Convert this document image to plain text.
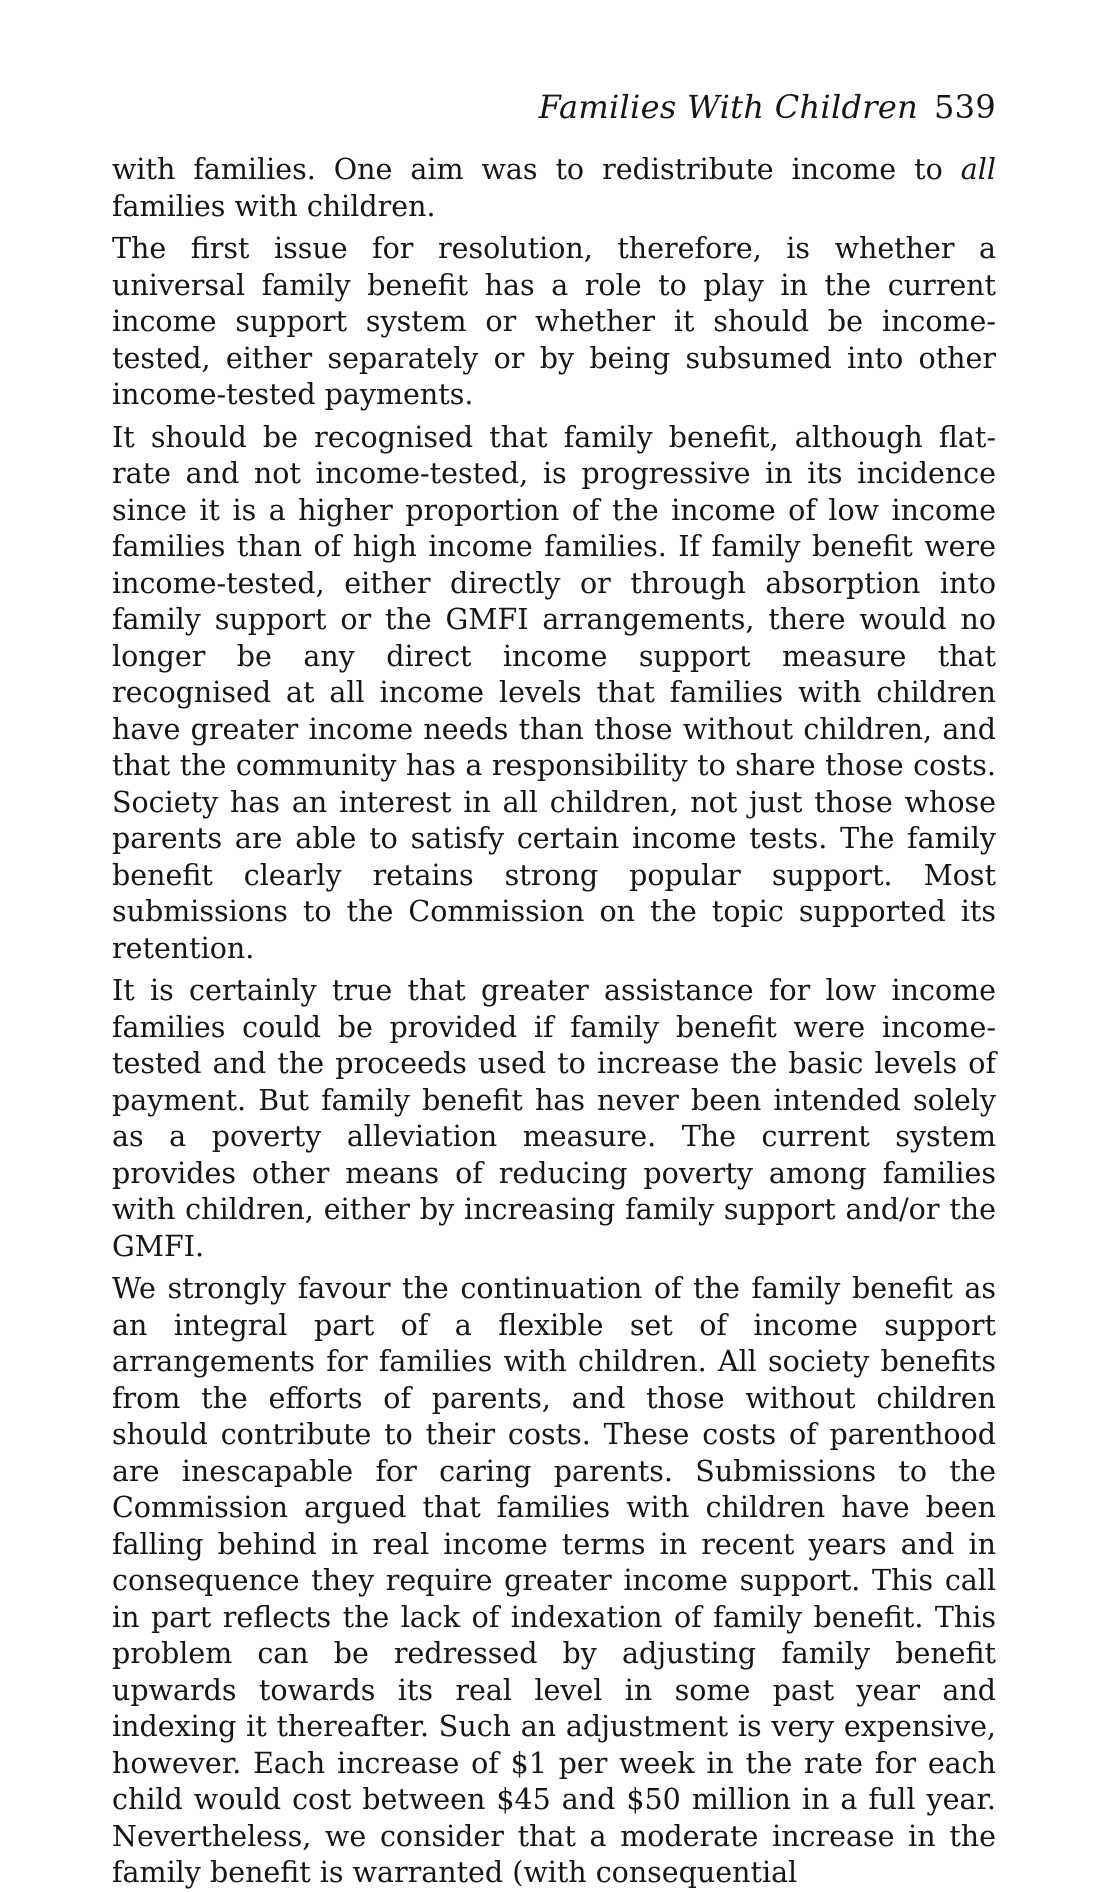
Families With Children 539

with families. One aim was to redistribute income to all families with children.

The first issue for resolution, therefore, is whether a universal family benefit has a role to play in the current income support system or whether it should be income-tested, either separately or by being subsumed into other income-tested payments.

It should be recognised that family benefit, although flat-rate and not income-tested, is progressive in its incidence since it is a higher proportion of the income of low income families than of high income families. If family benefit were income-tested, either directly or through absorption into family support or the GMFI arrangements, there would no longer be any direct income support measure that recognised at all income levels that families with children have greater income needs than those without children, and that the community has a responsibility to share those costs. Society has an interest in all children, not just those whose parents are able to satisfy certain income tests. The family benefit clearly retains strong popular support. Most submissions to the Commission on the topic supported its retention.

It is certainly true that greater assistance for low income families could be provided if family benefit were income-tested and the proceeds used to increase the basic levels of payment. But family benefit has never been intended solely as a poverty alleviation measure. The current system provides other means of reducing poverty among families with children, either by increasing family support and/or the GMFI.

We strongly favour the continuation of the family benefit as an integral part of a flexible set of income support arrangements for families with children. All society benefits from the efforts of parents, and those without children should contribute to their costs. These costs of parenthood are inescapable for caring parents. Submissions to the Commission argued that families with children have been falling behind in real income terms in recent years and in consequence they require greater income support. This call in part reflects the lack of indexation of family benefit. This problem can be redressed by adjusting family benefit upwards towards its real level in some past year and indexing it thereafter. Such an adjustment is very expensive, however. Each increase of $1 per week in the rate for each child would cost between $45 and $50 million in a full year. Nevertheless, we consider that a moderate increase in the family benefit is warranted (with consequential
